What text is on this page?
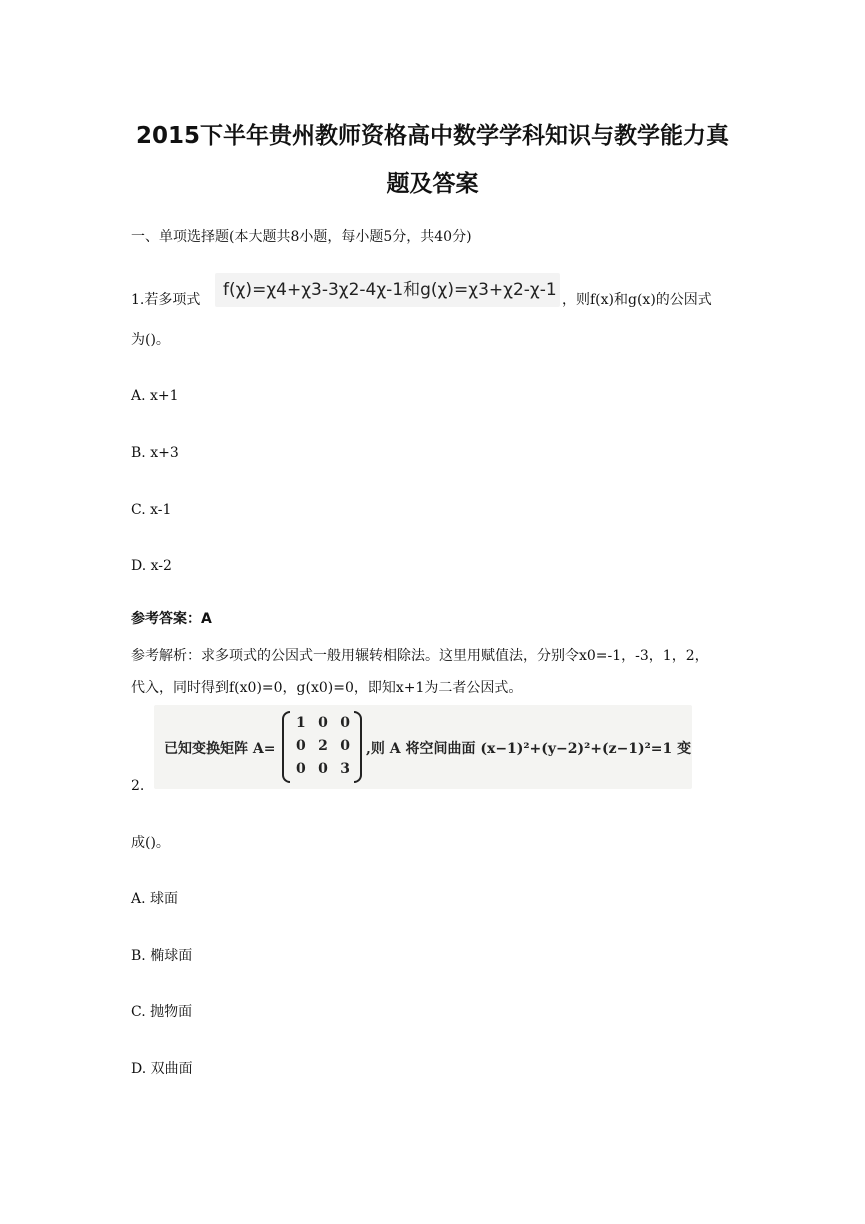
2015下半年贵州教师资格高中数学学科知识与教学能力真
题及答案
一、单项选择题(本大题共8小题，每小题5分，共40分)
1.若多项式	f(χ)=χ4+χ3-3χ2-4χ-1和g(χ)=χ3+χ2-χ-1 ，则f(x)和g(x)的公因式
为()。
A. x+1
B. x+3
C. x-1
D. x-2
参考答案：A
参考解析：求多项式的公因式一般用辗转相除法。这里用赋值法，分别令x0=-1，-3，1，2，
代入，同时得到f(x0)=0，g(x0)=0，即知x+1为二者公因式。
2.
已知变换矩阵 A=
1 0 0
0 2 0
0 0 3
,则 A 将空间曲面 (x−1)²+(y−2)²+(z−1)²=1 变
成()。
A. 球面
B. 椭球面
C. 抛物面
D. 双曲面
